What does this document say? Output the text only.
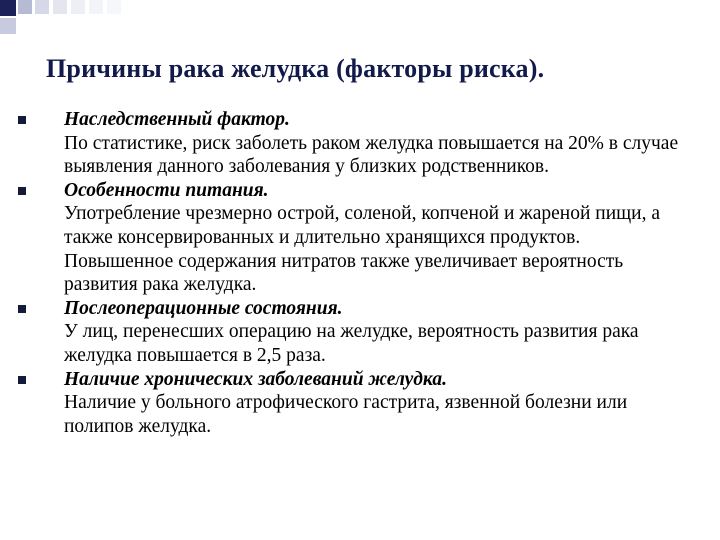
Причины рака желудка (факторы риска).
Наследственный фактор.
По статистике, риск заболеть раком желудка повышается на 20% в случае выявления данного заболевания у близких родственников.
Особенности питания.
Употребление чрезмерно острой, соленой, копченой и жареной пищи, а также консервированных и длительно хранящихся продуктов. Повышенное содержания нитратов также увеличивает вероятность развития рака желудка.
Послеоперационные состояния.
У лиц, перенесших операцию на желудке, вероятность развития рака желудка повышается в 2,5 раза.
Наличие хронических заболеваний желудка.
Наличие у больного атрофического гастрита, язвенной болезни или полипов желудка.
